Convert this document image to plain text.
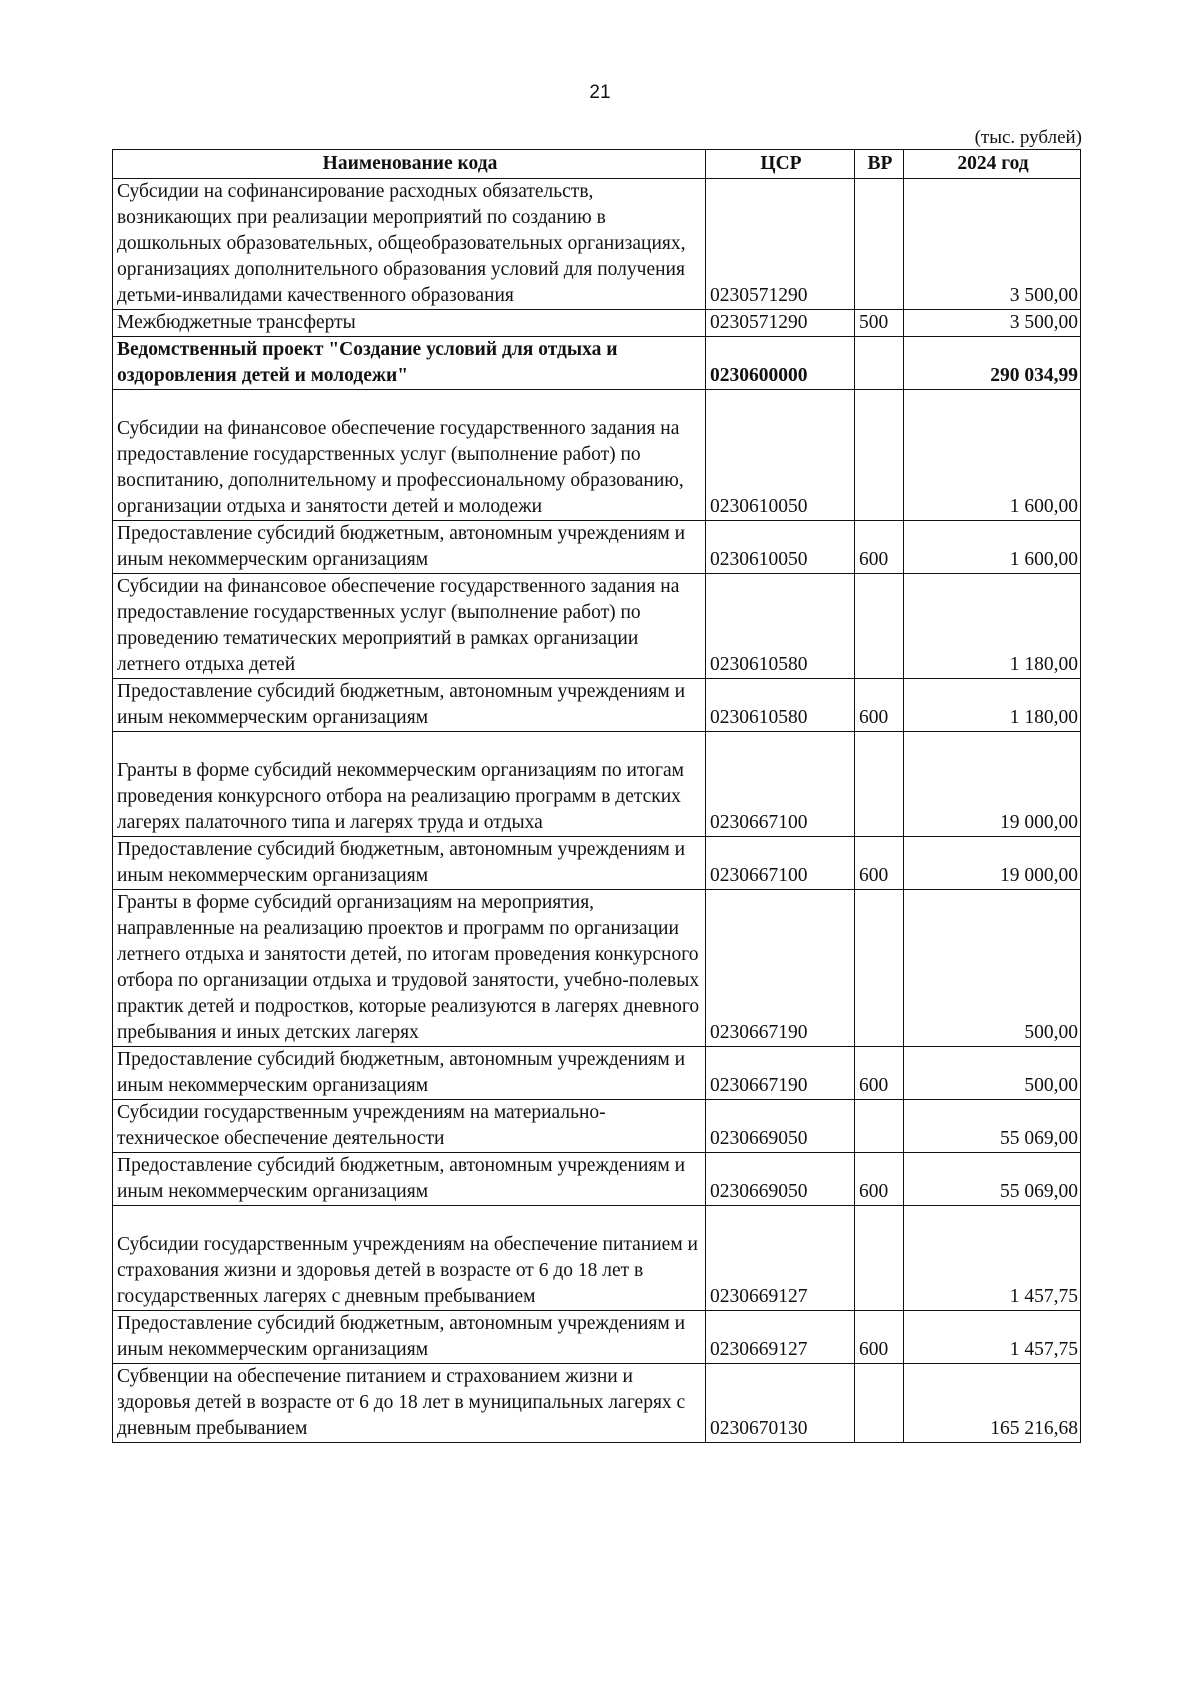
21
(тыс. рублей)
Наименование кода	ЦСР	ВР	2024 год
Субсидии на софинансирование расходных обязательств, возникающих при реализации мероприятий по созданию в дошкольных образовательных, общеобразовательных организациях, организациях дополнительного образования условий для получения детьми-инвалидами качественного образования	0230571290		3 500,00
Межбюджетные трансферты	0230571290	500	3 500,00
Ведомственный проект "Создание условий для отдыха и оздоровления детей и молодежи"	0230600000		290 034,99
Субсидии на финансовое обеспечение государственного задания на предоставление государственных услуг (выполнение работ) по воспитанию, дополнительному и профессиональному образованию, организации отдыха и занятости детей и молодежи	0230610050		1 600,00
Предоставление субсидий бюджетным, автономным учреждениям и иным некоммерческим организациям	0230610050	600	1 600,00
Субсидии на финансовое обеспечение государственного задания на предоставление государственных услуг (выполнение работ) по проведению тематических мероприятий в рамках организации летнего отдыха детей	0230610580		1 180,00
Предоставление субсидий бюджетным, автономным учреждениям и иным некоммерческим организациям	0230610580	600	1 180,00
Гранты в форме субсидий некоммерческим организациям по итогам проведения конкурсного отбора на реализацию программ в детских лагерях палаточного типа и лагерях труда и отдыха	0230667100		19 000,00
Предоставление субсидий бюджетным, автономным учреждениям и иным некоммерческим организациям	0230667100	600	19 000,00
Гранты в форме субсидий организациям на мероприятия, направленные на реализацию проектов и программ по организации летнего отдыха и занятости детей, по итогам проведения конкурсного отбора по организации отдыха и трудовой занятости, учебно-полевых практик детей и подростков, которые реализуются в лагерях дневного пребывания и иных детских лагерях	0230667190		500,00
Предоставление субсидий бюджетным, автономным учреждениям и иным некоммерческим организациям	0230667190	600	500,00
Субсидии государственным учреждениям на материально-техническое обеспечение деятельности	0230669050		55 069,00
Предоставление субсидий бюджетным, автономным учреждениям и иным некоммерческим организациям	0230669050	600	55 069,00
Субсидии государственным учреждениям на обеспечение питанием и страхования жизни и здоровья детей в возрасте от 6 до 18 лет в государственных лагерях с дневным пребыванием	0230669127		1 457,75
Предоставление субсидий бюджетным, автономным учреждениям и иным некоммерческим организациям	0230669127	600	1 457,75
Субвенции на обеспечение питанием и страхованием жизни и здоровья детей в возрасте от 6 до 18 лет в муниципальных лагерях с дневным пребыванием	0230670130		165 216,68
